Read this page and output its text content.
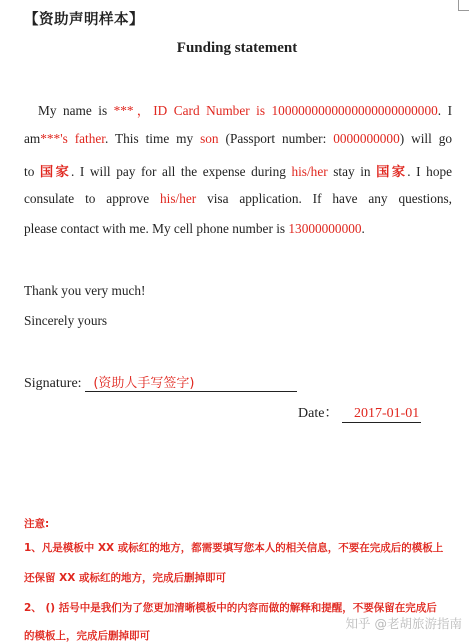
【资助声明样本】
Funding statement
My name is ***，ID Card Number is 1000000000000000000000000. I
am***'s father. This time my son (Passport number: 0000000000) will go
to 国家. I will pay for all the expense during his/her stay in 国家. I hope
consulate to approve his/her visa application. If have any questions,
please contact with me. My cell phone number is 13000000000.
Thank you very much!
Sincerely yours
Signature: (资助人手写签字)
Date： 2017-01-01
注意:
1、凡是模板中 XX 或标红的地方，都需要填写您本人的相关信息，不要在完成后的模板上
还保留 XX 或标红的地方，完成后删掉即可
2、 () 括号中是我们为了您更加清晰模板中的内容而做的解释和提醒，不要保留在完成后
的模板上，完成后删掉即可
知乎 @老胡旅游指南
